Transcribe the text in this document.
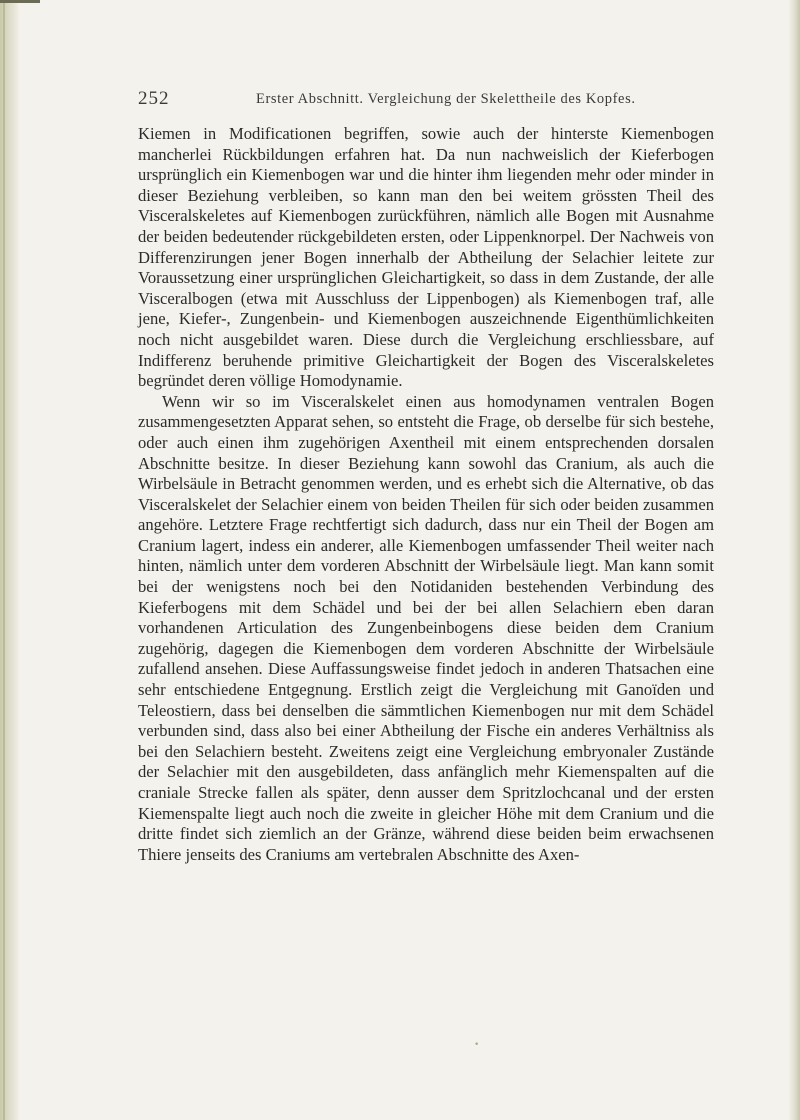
252	Erster Abschnitt. Vergleichung der Skelettheile des Kopfes.

Kiemen in Modificationen begriffen, sowie auch der hinterste Kiemenbogen mancherlei Rückbildungen erfahren hat. Da nun nachweislich der Kieferbogen ursprünglich ein Kiemenbogen war und die hinter ihm liegenden mehr oder minder in dieser Beziehung verbleiben, so kann man den bei weitem grössten Theil des Visceralskeletes auf Kiemenbogen zurückführen, nämlich alle Bogen mit Ausnahme der beiden bedeutender rückgebildeten ersten, oder Lippenknorpel. Der Nachweis von Differenzirungen jener Bogen innerhalb der Abtheilung der Selachier leitete zur Voraussetzung einer ursprünglichen Gleichartigkeit, so dass in dem Zustande, der alle Visceralbogen (etwa mit Ausschluss der Lippenbogen) als Kiemenbogen traf, alle jene, Kiefer-, Zungenbein- und Kiemenbogen auszeichnende Eigenthümlichkeiten noch nicht ausgebildet waren. Diese durch die Vergleichung erschliessbare, auf Indifferenz beruhende primitive Gleichartigkeit der Bogen des Visceralskeletes begründet deren völlige Homodynamie.

Wenn wir so im Visceralskelet einen aus homodynamen ventralen Bogen zusammengesetzten Apparat sehen, so entsteht die Frage, ob derselbe für sich bestehe, oder auch einen ihm zugehörigen Axentheil mit einem entsprechenden dorsalen Abschnitte besitze. In dieser Beziehung kann sowohl das Cranium, als auch die Wirbelsäule in Betracht genommen werden, und es erhebt sich die Alternative, ob das Visceralskelet der Selachier einem von beiden Theilen für sich oder beiden zusammen angehöre. Letztere Frage rechtfertigt sich dadurch, dass nur ein Theil der Bogen am Cranium lagert, indess ein anderer, alle Kiemenbogen umfassender Theil weiter nach hinten, nämlich unter dem vorderen Abschnitt der Wirbelsäule liegt. Man kann somit bei der wenigstens noch bei den Notidaniden bestehenden Verbindung des Kieferbogens mit dem Schädel und bei der bei allen Selachiern eben daran vorhandenen Articulation des Zungenbeinbogens diese beiden dem Cranium zugehörig, dagegen die Kiemenbogen dem vorderen Abschnitte der Wirbelsäule zufallend ansehen. Diese Auffassungsweise findet jedoch in anderen Thatsachen eine sehr entschiedene Entgegnung. Erstlich zeigt die Vergleichung mit Ganoïden und Teleostiern, dass bei denselben die sämmtlichen Kiemenbogen nur mit dem Schädel verbunden sind, dass also bei einer Abtheilung der Fische ein anderes Verhältniss als bei den Selachiern besteht. Zweitens zeigt eine Vergleichung embryonaler Zustände der Selachier mit den ausgebildeten, dass anfänglich mehr Kiemenspalten auf die craniale Strecke fallen als später, denn ausser dem Spritzlochcanal und der ersten Kiemenspalte liegt auch noch die zweite in gleicher Höhe mit dem Cranium und die dritte findet sich ziemlich an der Gränze, während diese beiden beim erwachsenen Thiere jenseits des Craniums am vertebralen Abschnitte des Axen-

•
